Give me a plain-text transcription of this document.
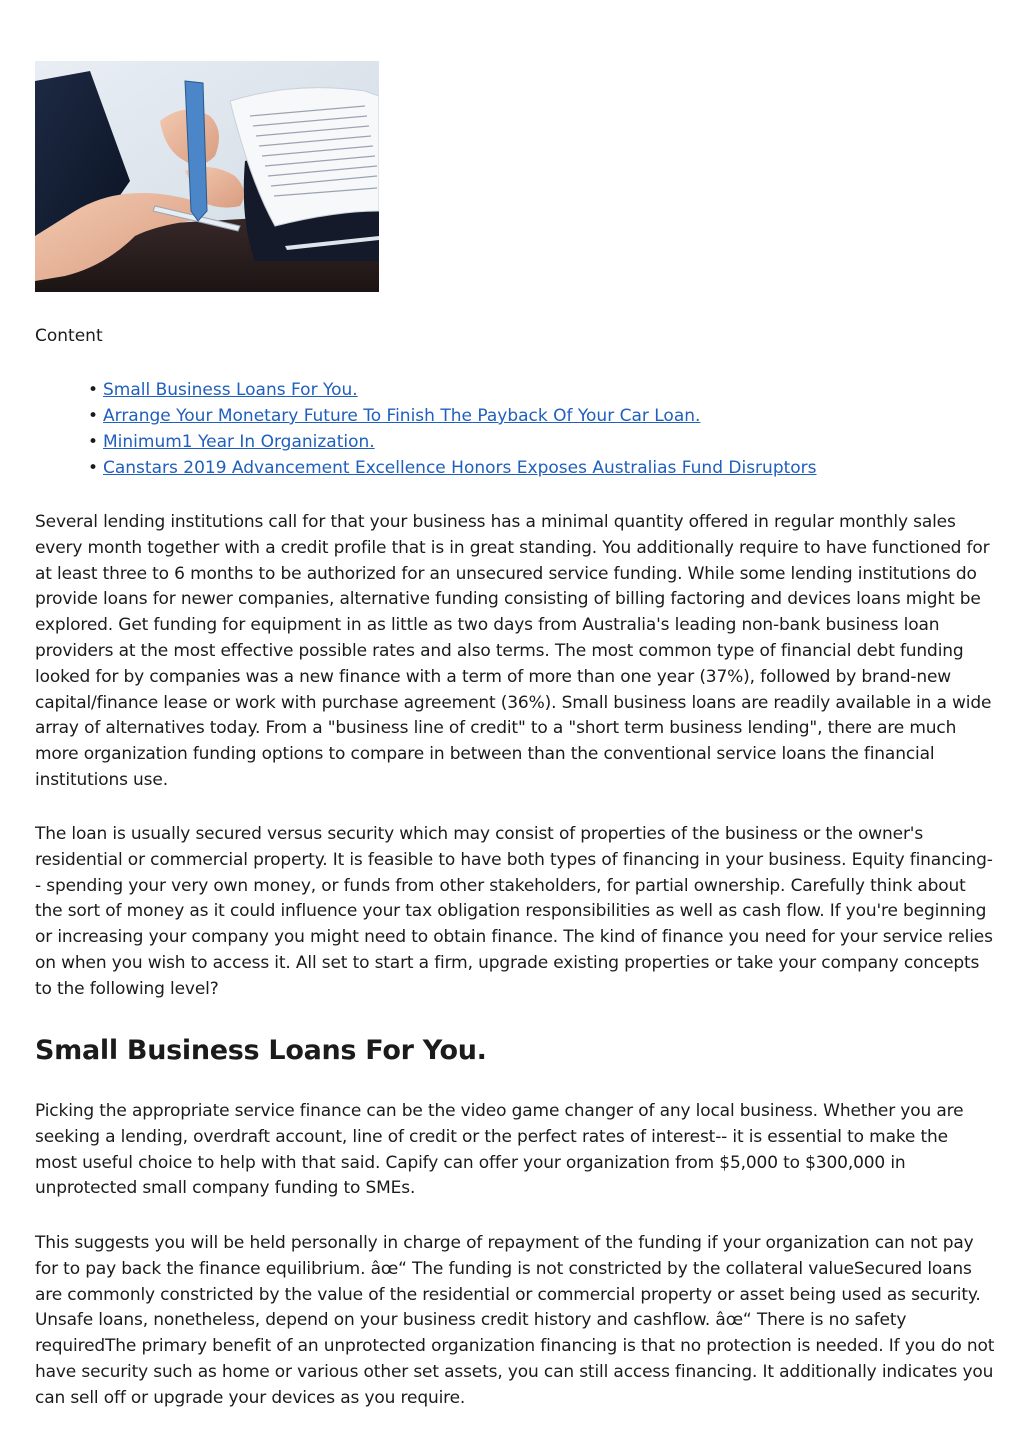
Content

• Small Business Loans For You.
• Arrange Your Monetary Future To Finish The Payback Of Your Car Loan.
• Minimum1 Year In Organization.
• Canstars 2019 Advancement Excellence Honors Exposes Australias Fund Disruptors

Several lending institutions call for that your business has a minimal quantity offered in regular monthly sales every month together with a credit profile that is in great standing. You additionally require to have functioned for at least three to 6 months to be authorized for an unsecured service funding. While some lending institutions do provide loans for newer companies, alternative funding consisting of billing factoring and devices loans might be explored. Get funding for equipment in as little as two days from Australia's leading non-bank business loan providers at the most effective possible rates and also terms. The most common type of financial debt funding looked for by companies was a new finance with a term of more than one year (37%), followed by brand-new capital/finance lease or work with purchase agreement (36%). Small business loans are readily available in a wide array of alternatives today. From a "business line of credit" to a "short term business lending", there are much more organization funding options to compare in between than the conventional service loans the financial institutions use.

The loan is usually secured versus security which may consist of properties of the business or the owner's residential or commercial property. It is feasible to have both types of financing in your business. Equity financing-- spending your very own money, or funds from other stakeholders, for partial ownership. Carefully think about the sort of money as it could influence your tax obligation responsibilities as well as cash flow. If you're beginning or increasing your company you might need to obtain finance. The kind of finance you need for your service relies on when you wish to access it. All set to start a firm, upgrade existing properties or take your company concepts to the following level?

Small Business Loans For You.

Picking the appropriate service finance can be the video game changer of any local business. Whether you are seeking a lending, overdraft account, line of credit or the perfect rates of interest-- it is essential to make the most useful choice to help with that said. Capify can offer your organization from $5,000 to $300,000 in unprotected small company funding to SMEs.

This suggests you will be held personally in charge of repayment of the funding if your organization can not pay for to pay back the finance equilibrium. âœ“ The funding is not constricted by the collateral valueSecured loans are commonly constricted by the value of the residential or commercial property or asset being used as security. Unsafe loans, nonetheless, depend on your business credit history and cashflow. âœ“ There is no safety requiredThe primary benefit of an unprotected organization financing is that no protection is needed. If you do not have security such as home or various other set assets, you can still access financing. It additionally indicates you can sell off or upgrade your devices as you require.
